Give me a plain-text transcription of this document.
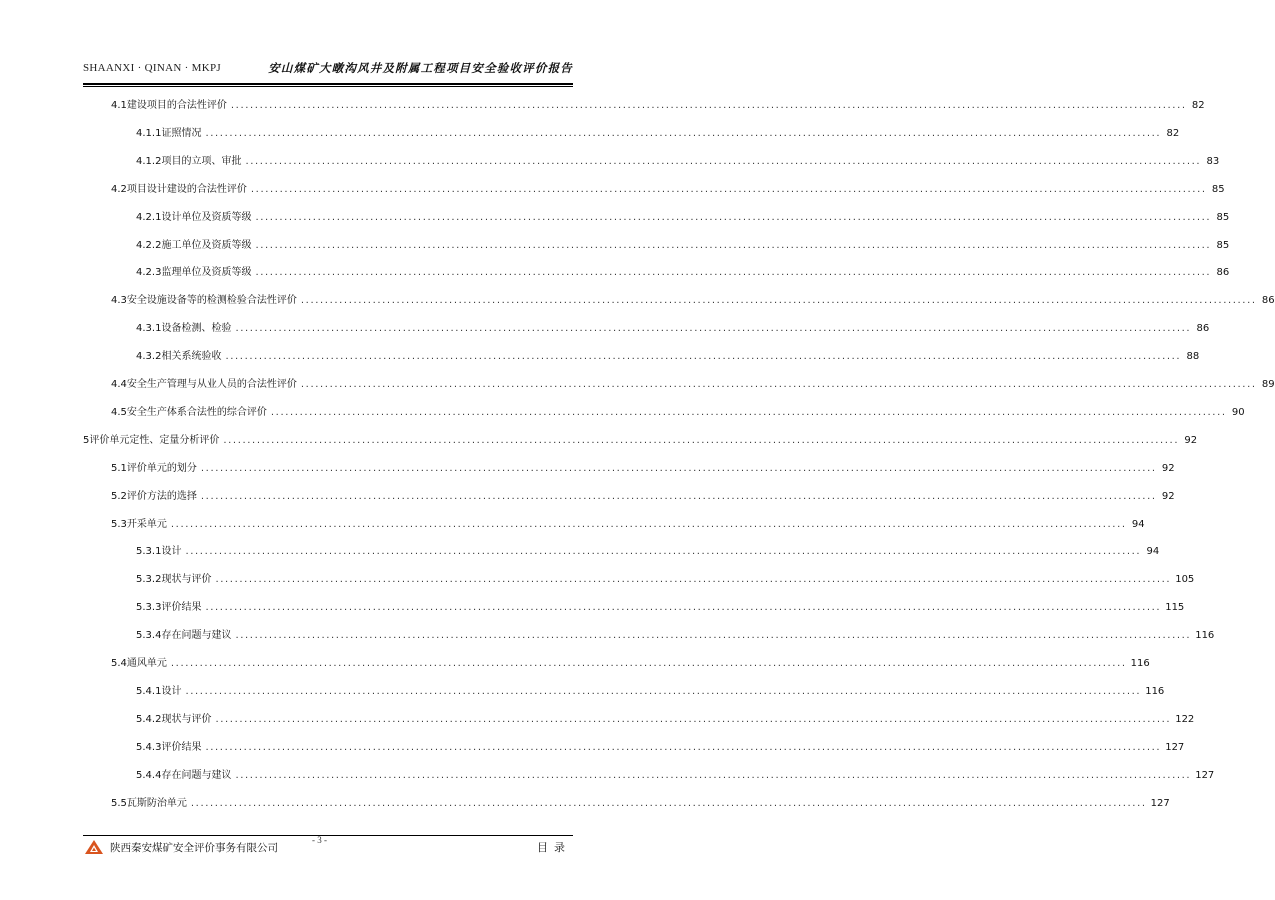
SHAANXI · QINAN · MKPJ	安山煤矿大暾沟风井及附属工程项目安全验收评价报告
4.1 建设项目的合法性评价 ........................................................................................................................................................................................................ 82
4.1.1 证照情况 ........................................................................................................................................................................................................ 82
4.1.2 项目的立项、审批 ........................................................................................................................................................................................................ 83
4.2 项目设计建设的合法性评价 ........................................................................................................................................................................................................ 85
4.2.1 设计单位及资质等级 ........................................................................................................................................................................................................ 85
4.2.2 施工单位及资质等级 ........................................................................................................................................................................................................ 85
4.2.3 监理单位及资质等级 ........................................................................................................................................................................................................ 86
4.3 安全设施设备等的检测检验合法性评价 ........................................................................................................................................................................................................ 86
4.3.1 设备检测、检验 ........................................................................................................................................................................................................ 86
4.3.2 相关系统验收 ........................................................................................................................................................................................................ 88
4.4 安全生产管理与从业人员的合法性评价 ........................................................................................................................................................................................................ 89
4.5 安全生产体系合法性的综合评价 ........................................................................................................................................................................................................ 90
5 评价单元定性、定量分析评价 ........................................................................................................................................................................................................ 92
5.1 评价单元的划分 ........................................................................................................................................................................................................ 92
5.2 评价方法的选择 ........................................................................................................................................................................................................ 92
5.3 开采单元 ........................................................................................................................................................................................................ 94
5.3.1 设计 ........................................................................................................................................................................................................ 94
5.3.2 现状与评价 ........................................................................................................................................................................................................ 105
5.3.3 评价结果 ........................................................................................................................................................................................................ 115
5.3.4 存在问题与建议 ........................................................................................................................................................................................................ 116
5.4 通风单元 ........................................................................................................................................................................................................ 116
5.4.1 设计 ........................................................................................................................................................................................................ 116
5.4.2 现状与评价 ........................................................................................................................................................................................................ 122
5.4.3 评价结果 ........................................................................................................................................................................................................ 127
5.4.4 存在问题与建议 ........................................................................................................................................................................................................ 127
5.5 瓦斯防治单元 ........................................................................................................................................................................................................ 127
陕西秦安煤矿安全评价事务有限公司
- 3 -
目录
